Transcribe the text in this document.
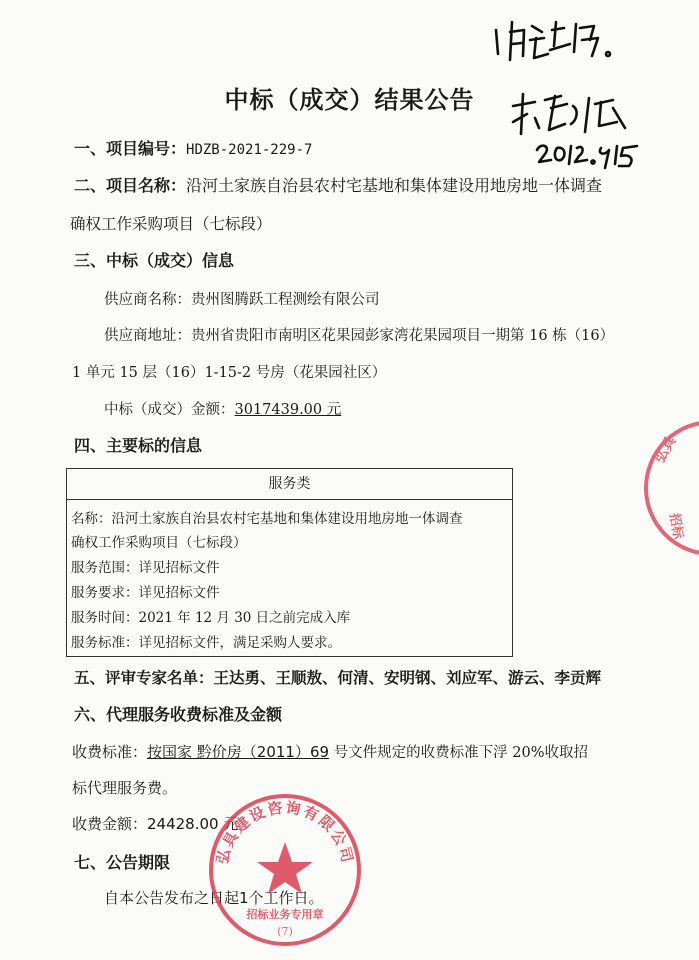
中标（成交）结果公告
一、项目编号：HDZB-2021-229-7
二、项目名称：沿河土家族自治县农村宅基地和集体建设用地房地一体调查
确权工作采购项目（七标段）
三、中标（成交）信息
供应商名称：贵州图腾跃工程测绘有限公司
供应商地址：贵州省贵阳市南明区花果园彭家湾花果园项目一期第 16 栋（16）
1 单元 15 层（16）1-15-2 号房（花果园社区）
中标（成交）金额：3017439.00 元
四、主要标的信息
服务类
名称：沿河土家族自治县农村宅基地和集体建设用地房地一体调查
确权工作采购项目（七标段）
服务范围：详见招标文件
服务要求：详见招标文件
服务时间：2021 年 12 月 30 日之前完成入库
服务标准：详见招标文件，满足采购人要求。
五、评审专家名单：王达勇、王顺敖、何清、安明钢、刘应军、游云、李贡辉
六、代理服务收费标准及金额
收费标准：按国家 黔价房（2011）69 号文件规定的收费标准下浮 20%收取招
标代理服务费。
收费金额：24428.00 元
七、公告期限
自本公告发布之日起1个工作日。
弘具建设咨询有限公司
招标业务专用章
(7)
弘具
招标
